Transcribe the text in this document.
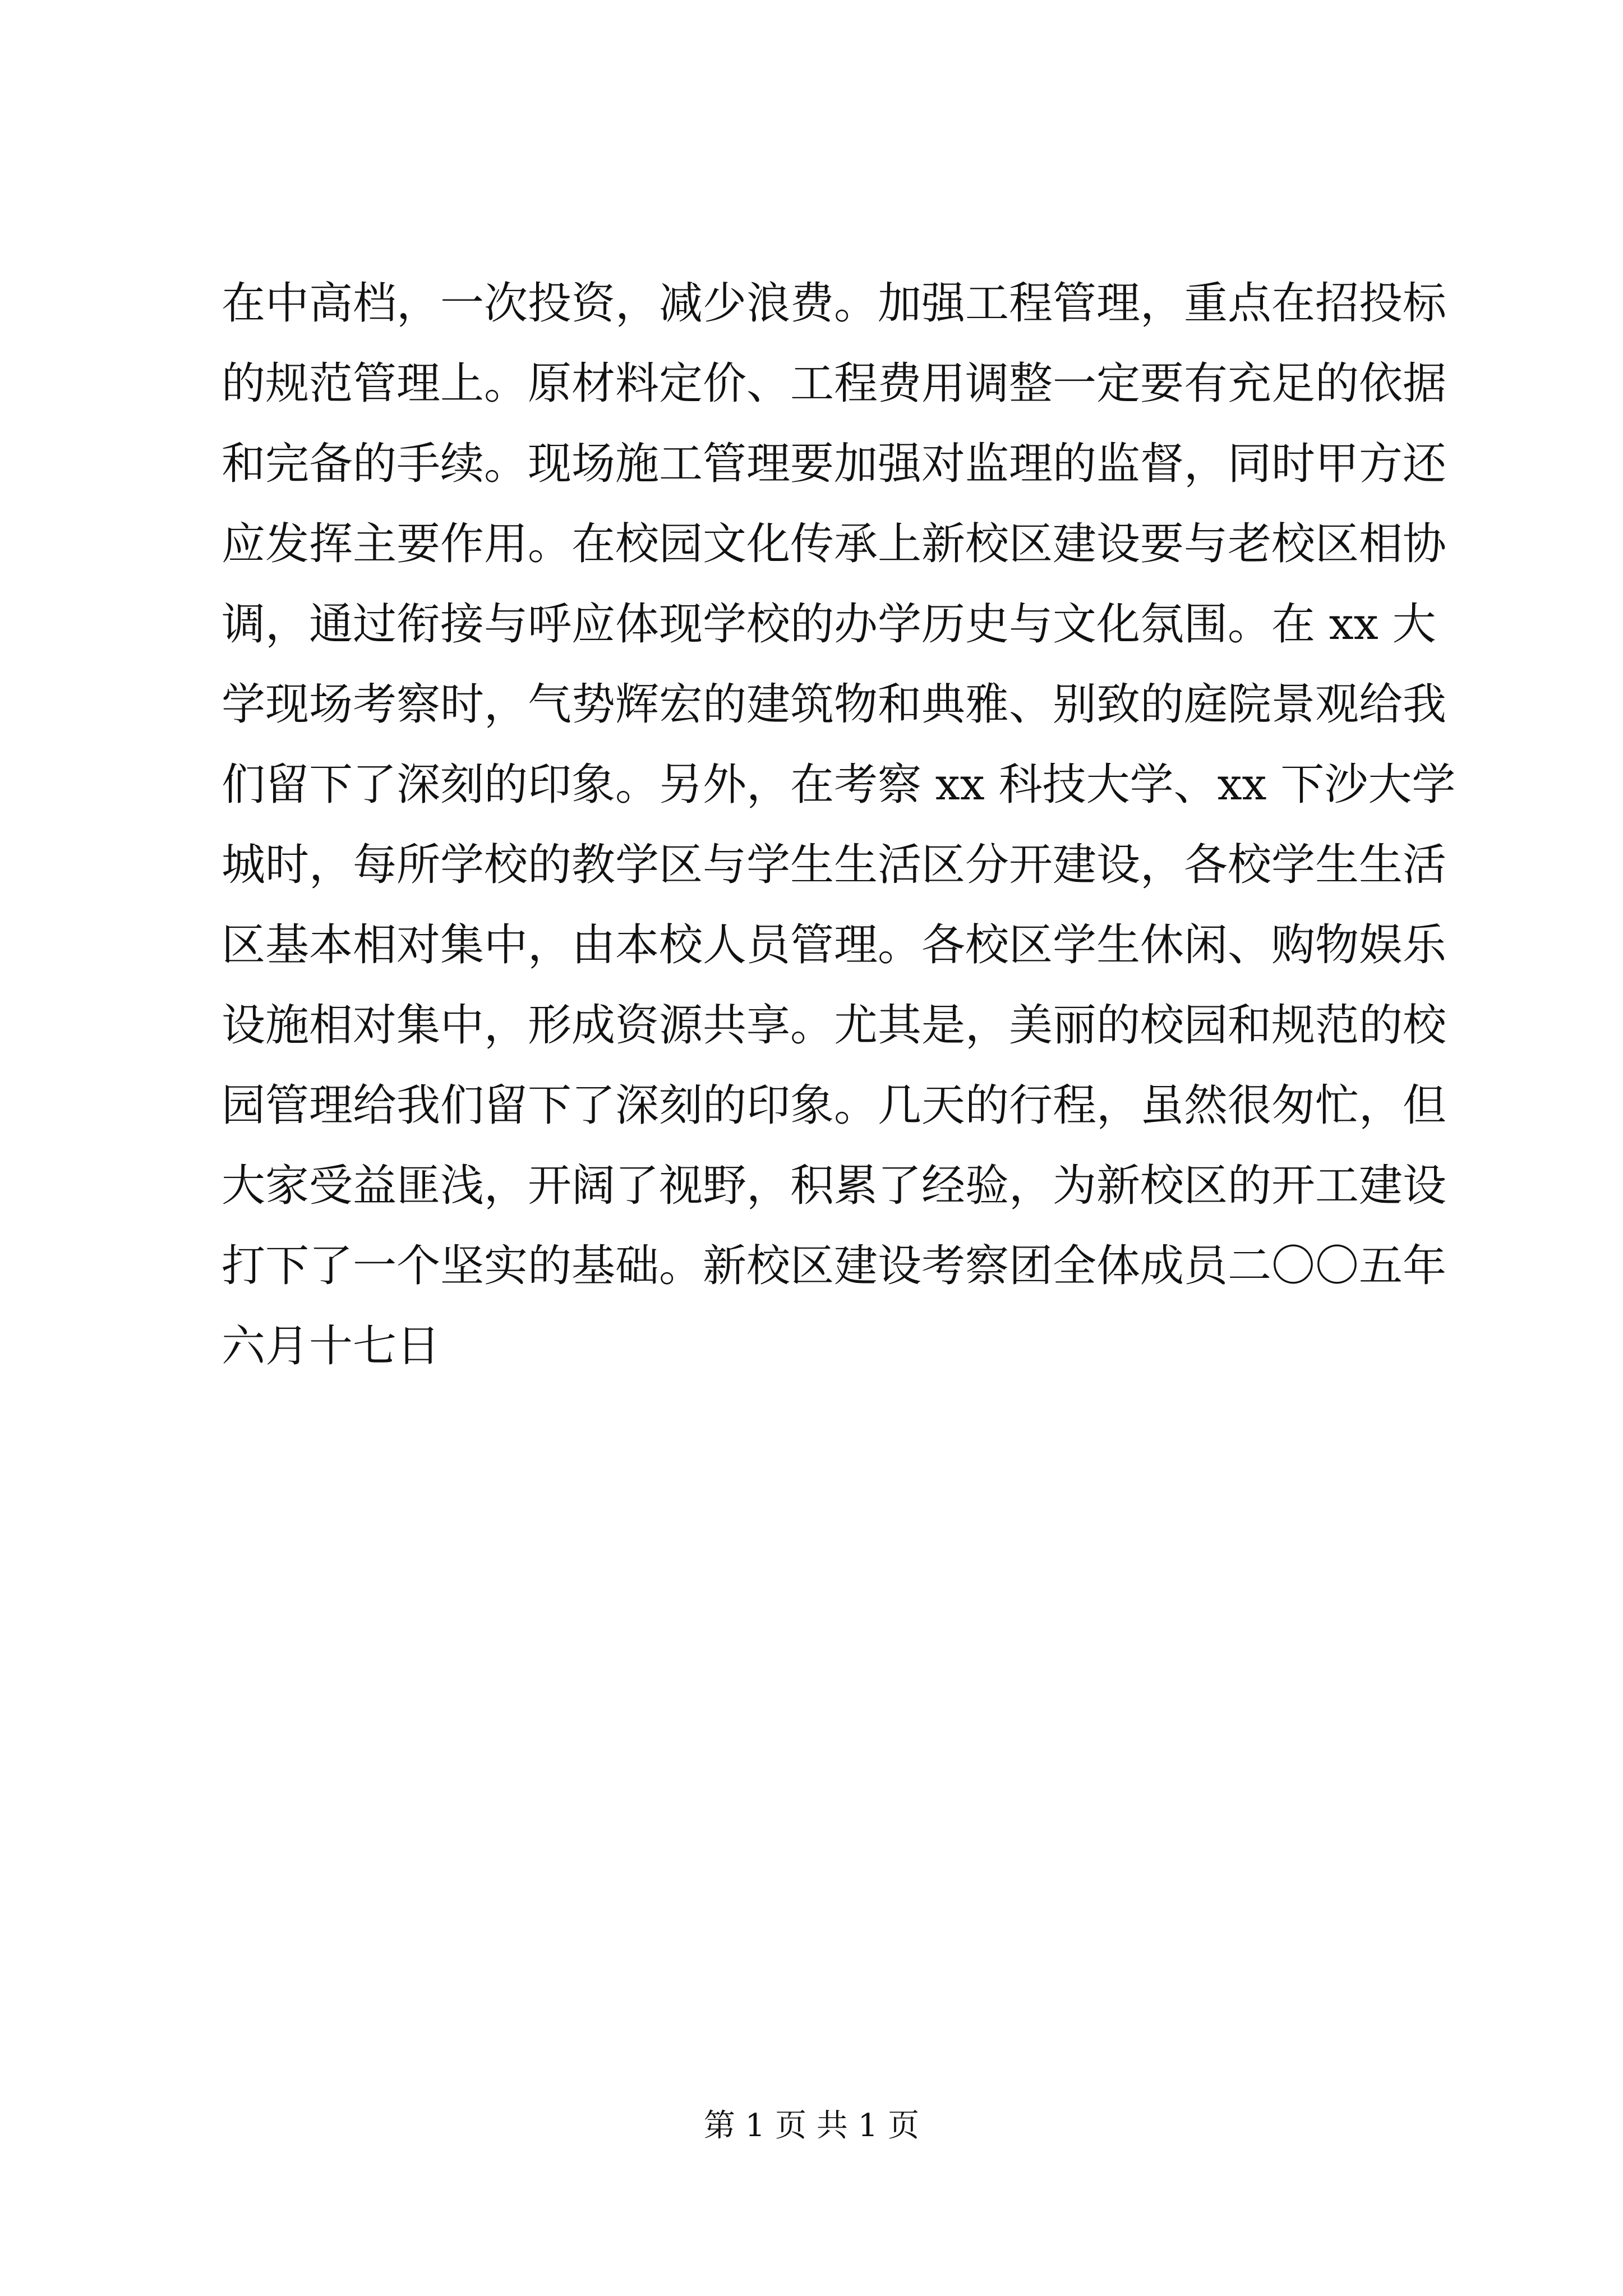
在中高档，一次投资，减少浪费。加强工程管理，重点在招投标
的规范管理上。原材料定价、工程费用调整一定要有充足的依据
和完备的手续。现场施工管理要加强对监理的监督，同时甲方还
应发挥主要作用。在校园文化传承上新校区建设要与老校区相协
调，通过衔接与呼应体现学校的办学历史与文化氛围。在 xx 大
学现场考察时，气势辉宏的建筑物和典雅、别致的庭院景观给我
们留下了深刻的印象。另外，在考察 xx 科技大学、xx 下沙大学
城时，每所学校的教学区与学生生活区分开建设，各校学生生活
区基本相对集中，由本校人员管理。各校区学生休闲、购物娱乐
设施相对集中，形成资源共享。尤其是，美丽的校园和规范的校
园管理给我们留下了深刻的印象。几天的行程，虽然很匆忙，但
大家受益匪浅，开阔了视野，积累了经验，为新校区的开工建设
打下了一个坚实的基础。新校区建设考察团全体成员二〇〇五年
六月十七日
第 1 页 共 1 页
